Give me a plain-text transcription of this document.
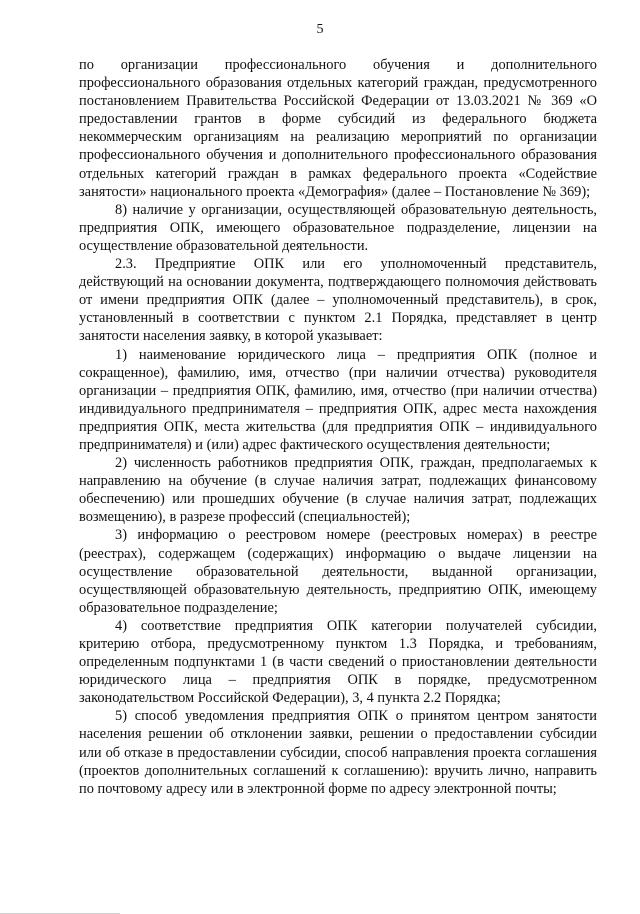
5

по организации профессионального обучения и дополнительного профессионального образования отдельных категорий граждан, предусмотренного постановлением Правительства Российской Федерации от 13.03.2021 № 369 «О предоставлении грантов в форме субсидий из федерального бюджета некоммерческим организациям на реализацию мероприятий по организации профессионального обучения и дополнительного профессионального образования отдельных категорий граждан в рамках федерального проекта «Содействие занятости» национального проекта «Демография» (далее – Постановление № 369);

8) наличие у организации, осуществляющей образовательную деятельность, предприятия ОПК, имеющего образовательное подразделение, лицензии на осуществление образовательной деятельности.

2.3. Предприятие ОПК или его уполномоченный представитель, действующий на основании документа, подтверждающего полномочия действовать от имени предприятия ОПК (далее – уполномоченный представитель), в срок, установленный в соответствии с пунктом 2.1 Порядка, представляет в центр занятости населения заявку, в которой указывает:

1) наименование юридического лица – предприятия ОПК (полное и сокращенное), фамилию, имя, отчество (при наличии отчества) руководителя организации – предприятия ОПК, фамилию, имя, отчество (при наличии отчества) индивидуального предпринимателя – предприятия ОПК, адрес места нахождения предприятия ОПК, места жительства (для предприятия ОПК – индивидуального предпринимателя) и (или) адрес фактического осуществления деятельности;

2) численность работников предприятия ОПК, граждан, предполагаемых к направлению на обучение (в случае наличия затрат, подлежащих финансовому обеспечению) или прошедших обучение (в случае наличия затрат, подлежащих возмещению), в разрезе профессий (специальностей);

3) информацию о реестровом номере (реестровых номерах) в реестре (реестрах), содержащем (содержащих) информацию о выдаче лицензии на осуществление образовательной деятельности, выданной организации, осуществляющей образовательную деятельность, предприятию ОПК, имеющему образовательное подразделение;

4) соответствие предприятия ОПК категории получателей субсидии, критерию отбора, предусмотренному пунктом 1.3 Порядка, и требованиям, определенным подпунктами 1 (в части сведений о приостановлении деятельности юридического лица – предприятия ОПК в порядке, предусмотренном законодательством Российской Федерации), 3, 4 пункта 2.2 Порядка;

5) способ уведомления предприятия ОПК о принятом центром занятости населения решении об отклонении заявки, решении о предоставлении субсидии или об отказе в предоставлении субсидии, способ направления проекта соглашения (проектов дополнительных соглашений к соглашению): вручить лично, направить по почтовому адресу или в электронной форме по адресу электронной почты;
